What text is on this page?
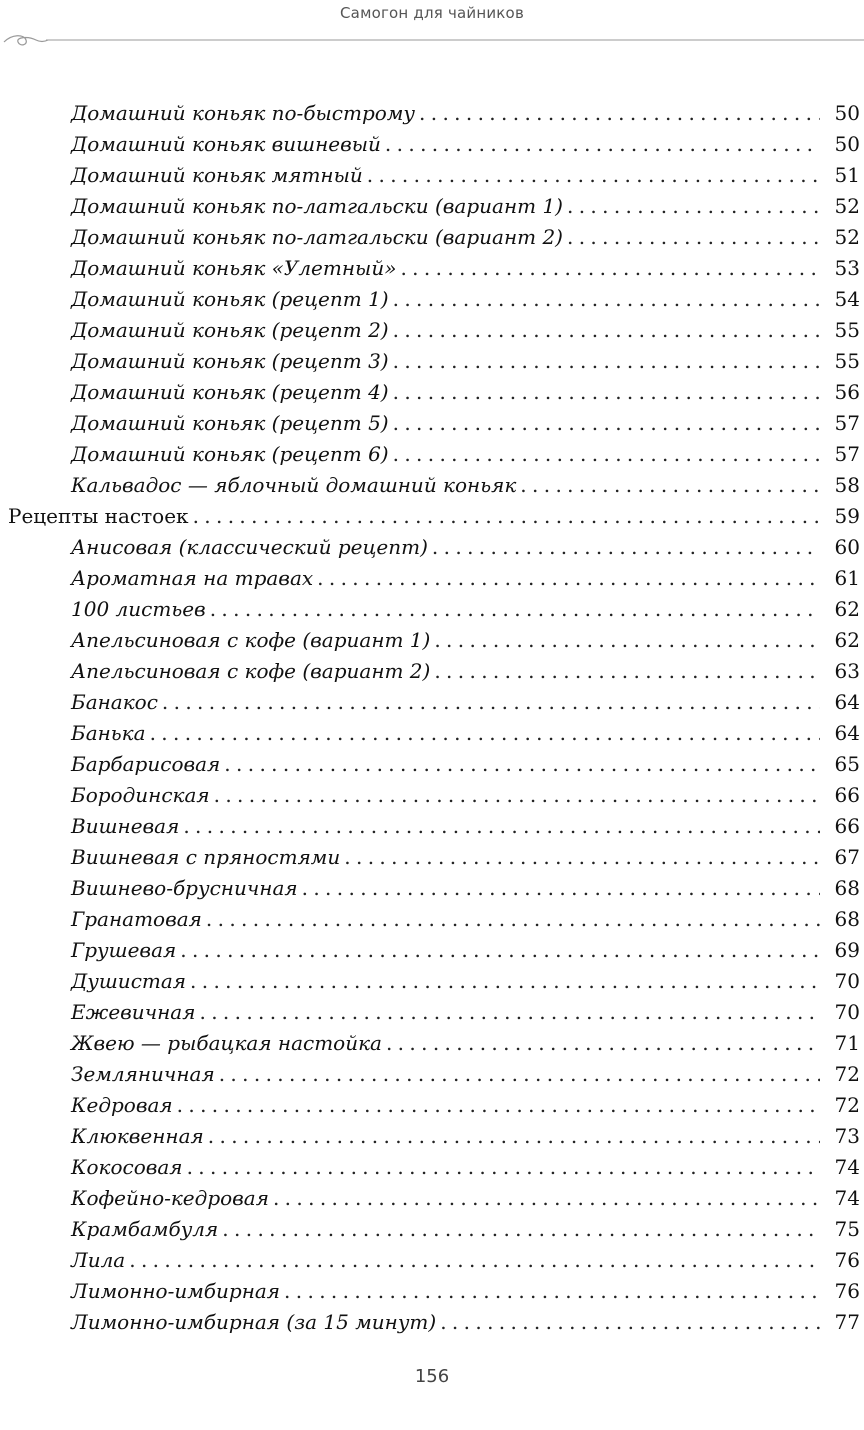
Самогон для чайников
Домашний коньяк по-быстрому . . .	50
Домашний коньяк вишневый . . .	50
Домашний коньяк мятный . . .	51
Домашний коньяк по-латгальски (вариант 1) . . .	52
Домашний коньяк по-латгальски (вариант 2) . . .	52
Домашний коньяк «Улетный» . . .	53
Домашний коньяк (рецепт 1) . . .	54
Домашний коньяк (рецепт 2) . . .	55
Домашний коньяк (рецепт 3) . . .	55
Домашний коньяк (рецепт 4) . . .	56
Домашний коньяк (рецепт 5) . . .	57
Домашний коньяк (рецепт 6) . . .	57
Кальвадос — яблочный домашний коньяк . . .	58
Рецепты настоек . . .	59
Анисовая (классический рецепт) . . .	60
Ароматная на травах . . .	61
100 листьев . . .	62
Апельсиновая с кофе (вариант 1) . . .	62
Апельсиновая с кофе (вариант 2) . . .	63
Банакос . . .	64
Банька . . .	64
Барбарисовая . . .	65
Бородинская . . .	66
Вишневая . . .	66
Вишневая с пряностями . . .	67
Вишнево-брусничная . . .	68
Гранатовая . . .	68
Грушевая . . .	69
Душистая . . .	70
Ежевичная . . .	70
Жвею — рыбацкая настойка . . .	71
Земляничная . . .	72
Кедровая . . .	72
Клюквенная . . .	73
Кокосовая . . .	74
Кофейно-кедровая . . .	74
Крамбамбуля . . .	75
Лила . . .	76
Лимонно-имбирная . . .	76
Лимонно-имбирная (за 15 минут) . . .	77
156
